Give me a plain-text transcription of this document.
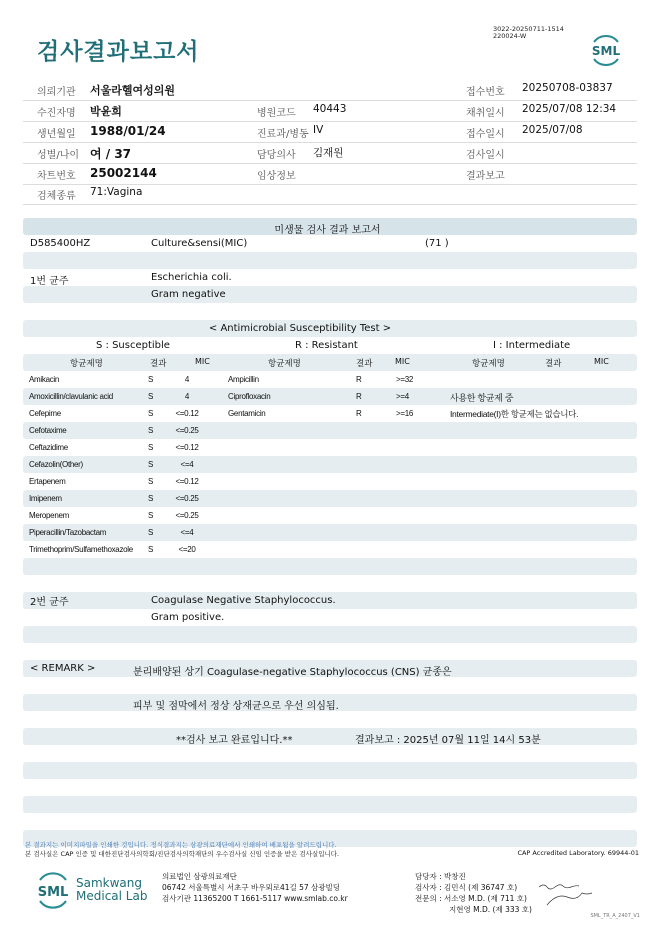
검사결과보고서
3022-20250711-1514
220024-W
SML
의뢰기관 서울라헬여성의원	접수번호 20250708-03837
수진자명 박윤희	병원코드 40443	채취일시 2025/07/08 12:34
생년월일 1988/01/24	진료과/병동 IV	접수일시 2025/07/08
성별/나이 여 / 37	담당의사 김재원	검사일시
차트번호 25002144	임상정보	결과보고
검체종류 71:Vagina
미생물 검사 결과 보고서
D585400HZ	Culture&sensi(MIC)	(71 )
1번 균주	Escherichia coli.
Gram negative
< Antimicrobial Susceptibility Test >
S : Susceptible	R : Resistant	I : Intermediate
항균제명	결과	MIC	항균제명	결과	MIC	항균제명	결과	MIC
Amikacin	S	4
Amoxicillin/clavulanic acid	S	4
Cefepime	S	<=0.12
Cefotaxime	S	<=0.25
Ceftazidime	S	<=0.12
Cefazolin(Other)	S	<=4
Ertapenem	S	<=0.12
Imipenem	S	<=0.25
Meropenem	S	<=0.25
Piperacillin/Tazobactam	S	<=4
Trimethoprim/Sulfamethoxazole S	<=20
Ampicillin	R	>=32
Ciprofloxacin	R	>=4
Gentamicin	R	>=16
사용한 항균제 중
Intermediate(I)한 항균제는 없습니다.
2번 균주	Coagulase Negative Staphylococcus.
Gram positive.
< REMARK >	분리배양된 상기 Coagulase-negative Staphylococcus (CNS) 균종은
피부 및 점막에서 정상 상재균으로 우선 의심됨.
**검사 보고 완료입니다.**	결과보고 : 2025년 07월 11일 14시 53분
본 결과지는 이미지파일을 인쇄한 것입니다. 정식결과지는 삼광의료재단에서 인쇄하여 배포됨을 알려드립니다.
본 검사실은 CAP 인증 및 대한진단검사의학회/진단검사의학재단의 우수검사실 신임 인증을 받은 검사실입니다.	CAP Accredited Laboratory. 69944-01
SML
Samkwang
Medical Lab
의료법인 삼광의료재단
06742 서울특별시 서초구 바우뫼로41길 57 삼광빌딩
검사기관 11365200 T 1661-5117 www.smlab.co.kr
담당자 : 박창진
검사자 : 김민식 (제 36747 호)
전문의 : 서소영 M.D. (제 711 호)
지현영 M.D. (제 333 호)
SML_TR_A_2407_V1
